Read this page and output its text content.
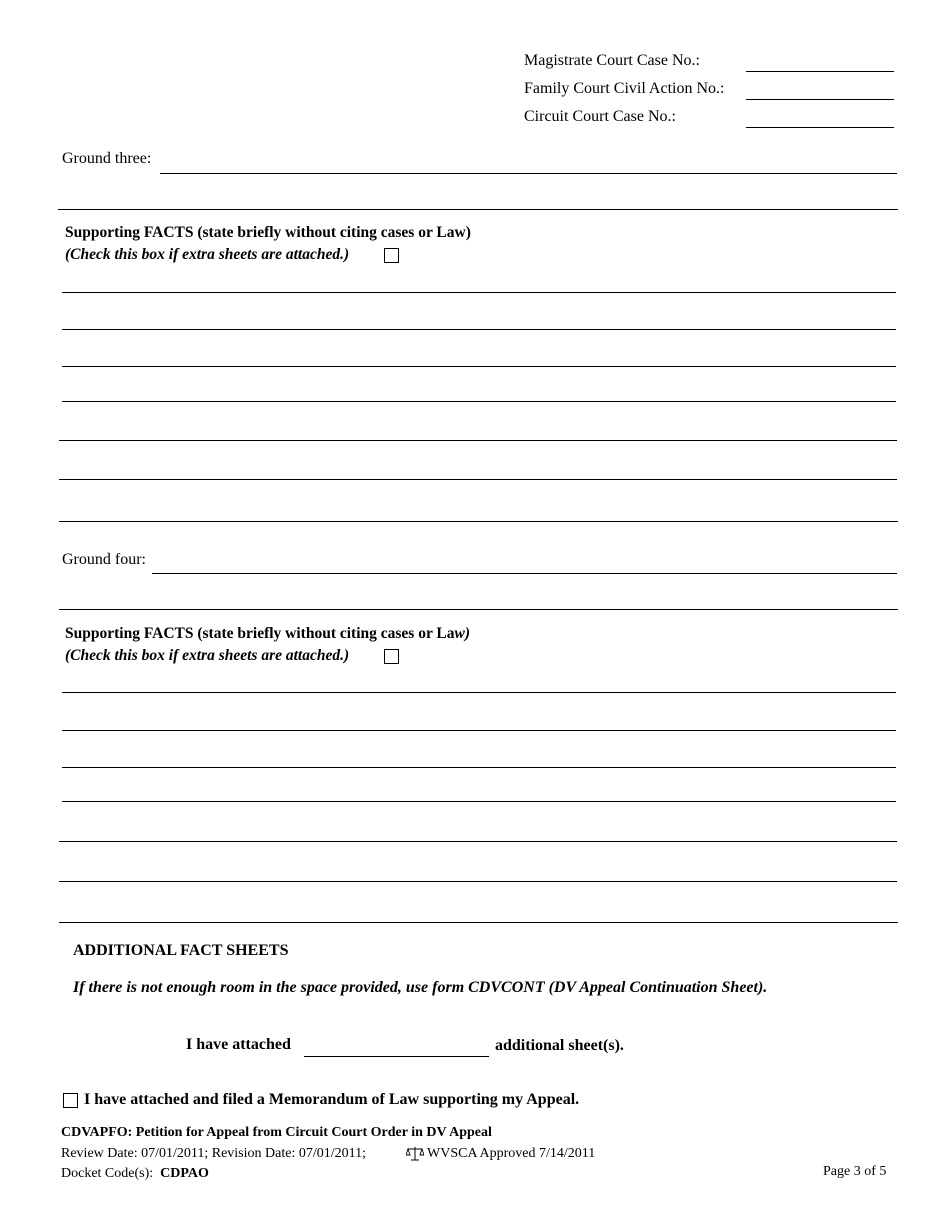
Magistrate Court Case No.:
Family Court Civil Action No.:
Circuit Court Case No.:
Ground three:
Supporting FACTS (state briefly without citing cases or Law)
(Check this box if extra sheets are attached.)
Ground four:
Supporting FACTS (state briefly without citing cases or Law)
(Check this box if extra sheets are attached.)
ADDITIONAL FACT SHEETS
If there is not enough room in the space provided, use form CDVCONT (DV Appeal Continuation Sheet).
I have attached	additional sheet(s).
I have attached and filed a Memorandum of Law supporting my Appeal.
CDVAPFO: Petition for Appeal from Circuit Court Order in DV Appeal
Review Date: 07/01/2011; Revision Date: 07/01/2011;	WVSCA Approved 7/14/2011
Docket Code(s): CDPAO	Page 3 of 5
